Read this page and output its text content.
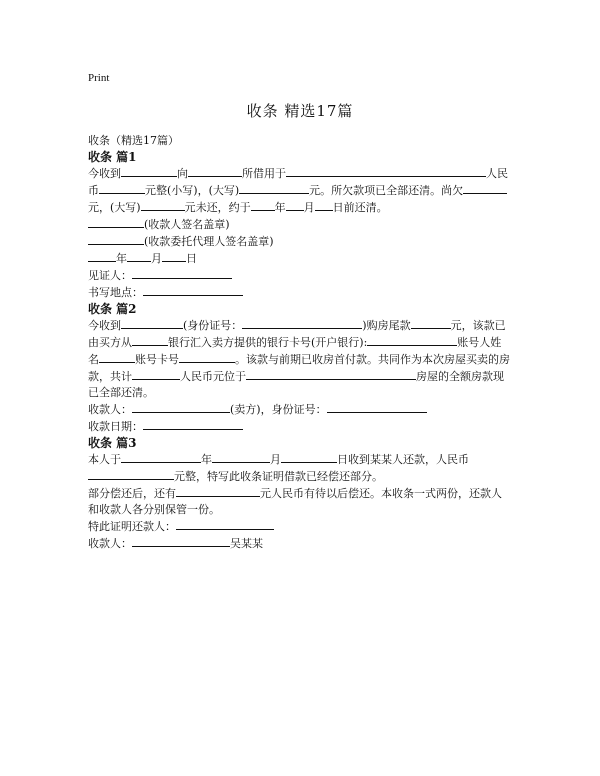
Print
收条 精选17篇

收条（精选17篇）

收条 篇1

今收到	向	所借用于	人民币	元整(小写)，(大写)	元。所欠款项已全部还清。尚欠元，(大写)	元未还，约于 年 月 日前还清。

(收款人签名盖章)

(收款委托代理人签名盖章)

年 月 日

见证人：

书写地点：

收条 篇2

今收到	(身份证号：	)购房尾款	元，该款已由买方从	银行汇入卖方提供的银行卡号(开户银行):	账号人姓名	账号卡号	。该款与前期已收房首付款。共同作为本次房屋买卖的房款，共计	人民币元位于	房屋的全额房款现已全部还清。

收款人：	(卖方)，身份证号：

收款日期：

收条 篇3

本人于	年	月	日收到某某人还款，人民币元整，特写此收条证明借款已经偿还部分。

部分偿还后，还有	元人民币有待以后偿还。本收条一式两份，还款人和收款人各分别保管一份。

特此证明还款人：

收款人：	吴某某
